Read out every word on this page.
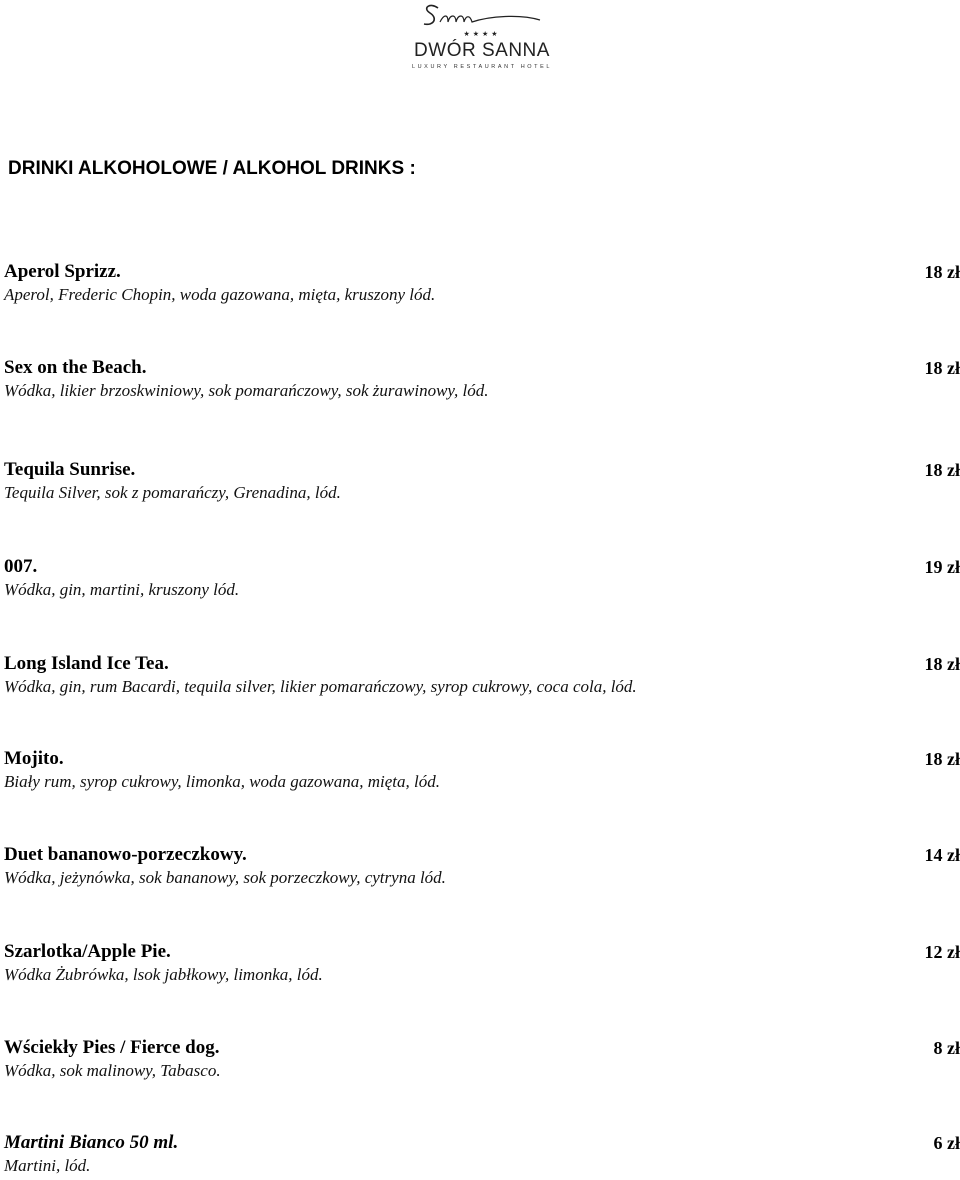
★★★★
DWÓR SANNA
LUXURY RESTAURANT HOTEL
DRINKI ALKOHOLOWE / ALKOHOL DRINKS :
Aperol Sprizz.	18 zł
Aperol, Frederic Chopin, woda gazowana, mięta, kruszony lód.
Sex on the Beach.	18 zł
Wódka, likier brzoskwiniowy, sok pomarańczowy, sok żurawinowy, lód.
Tequila Sunrise.	18 zł
Tequila Silver, sok z pomarańczy, Grenadina, lód.
007.	19 zł
Wódka, gin, martini, kruszony lód.
Long Island Ice Tea.	18 zł
Wódka, gin, rum Bacardi, tequila silver, likier pomarańczowy, syrop cukrowy, coca cola, lód.
Mojito.	18 zł
Biały rum, syrop cukrowy, limonka, woda gazowana, mięta, lód.
Duet bananowo-porzeczkowy.	14 zł
Wódka, jeżynówka, sok bananowy, sok porzeczkowy, cytryna lód.
Szarlotka/Apple Pie.	12 zł
Wódka Żubrówka, lsok jabłkowy, limonka, lód.
Wściekły Pies / Fierce dog.	8 zł
Wódka, sok malinowy, Tabasco.
Martini Bianco 50 ml.	6 zł
Martini, lód.
